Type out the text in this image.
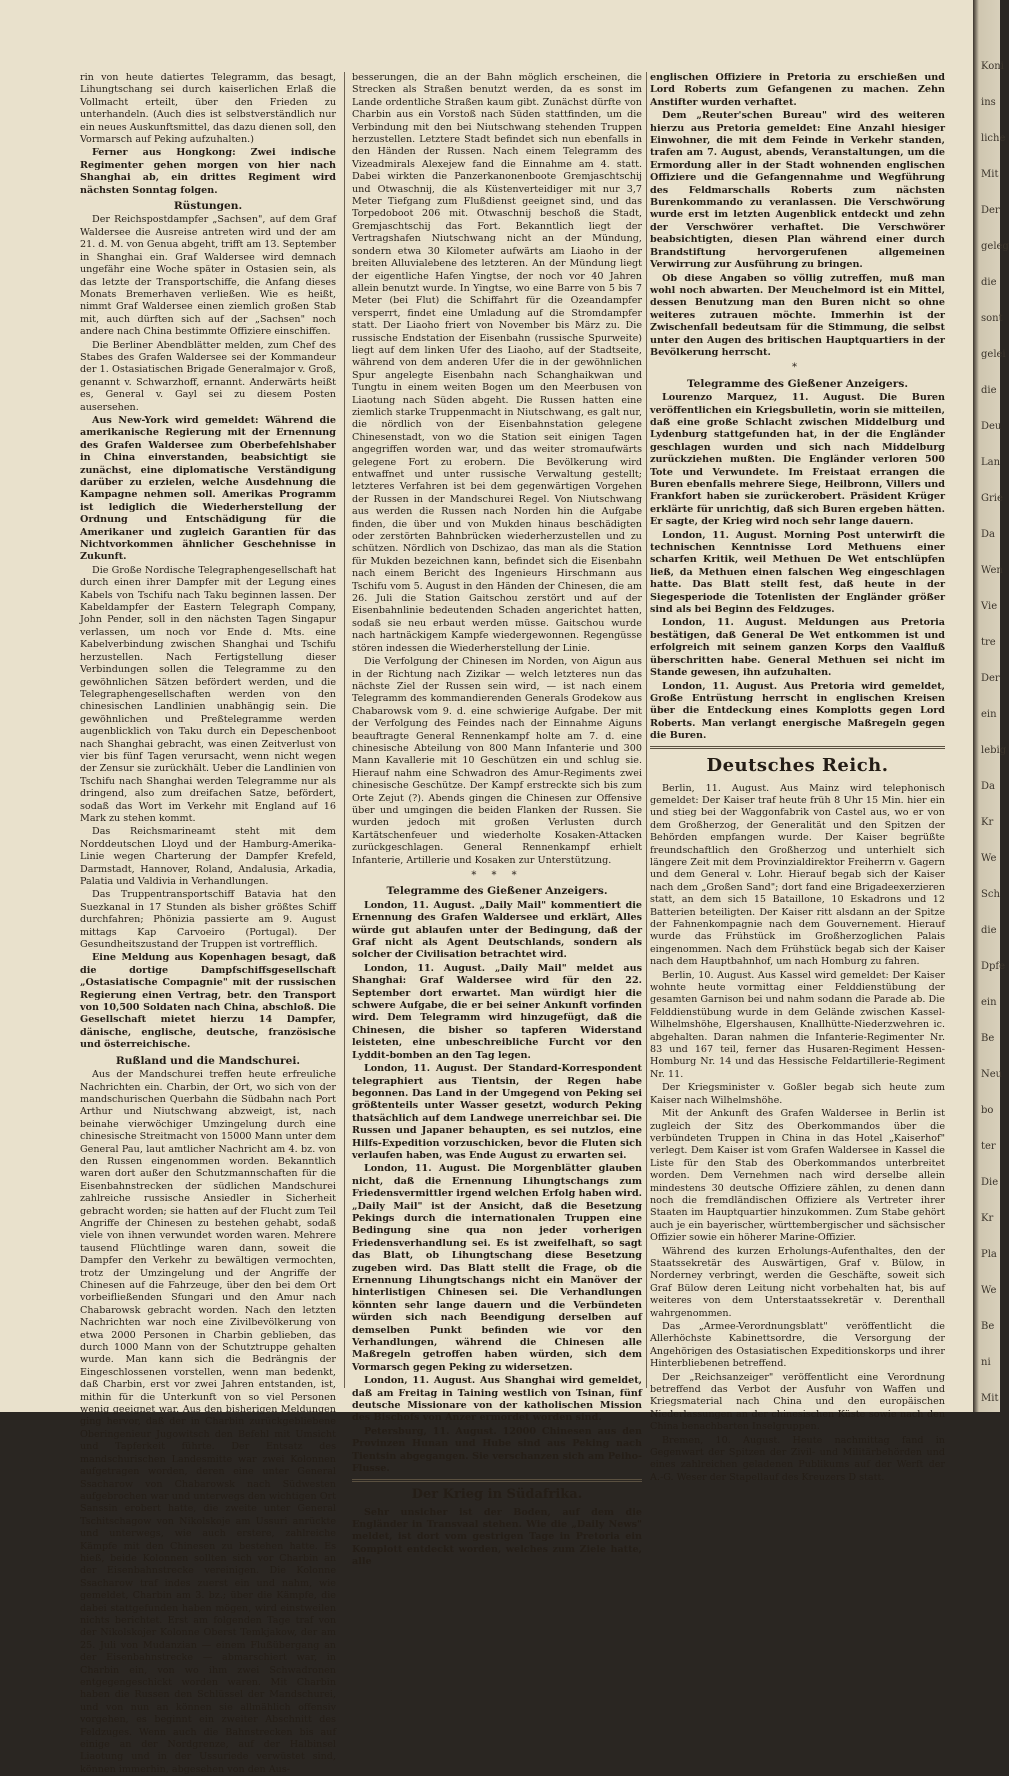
rin von heute datiertes Telegramm, das besagt, Lihungtschang sei durch kaiserlichen Erlaß die Vollmacht erteilt, über den Frieden zu unterhandeln. (Auch dies ist selbstverständlich nur ein neues Auskunftsmittel, das dazu dienen soll, den Vormarsch auf Peking aufzuhalten.)

Ferner aus Hongkong: Zwei indische Regimenter gehen morgen von hier nach Shanghai ab, ein drittes Regiment wird nächsten Sonntag folgen.

Rüstungen.

Der Reichspostdampfer „Sachsen", auf dem Graf Waldersee die Ausreise antreten wird und der am 21. d. M. von Genua abgeht, trifft am 13. September in Shanghai ein. Graf Waldersee wird demnach ungefähr eine Woche später in Ostasien sein, als das letzte der Transportschiffe, die Anfang dieses Monats Bremerhaven verließen. Wie es heißt, nimmt Graf Waldersee einen ziemlich großen Stab mit, auch dürften sich auf der „Sachsen" noch andere nach China bestimmte Offiziere einschiffen.

Die Berliner Abendblätter melden, zum Chef des Stabes des Grafen Waldersee sei der Kommandeur der 1. Ostasiatischen Brigade Generalmajor v. Groß, genannt v. Schwarzhoff, ernannt. Anderwärts heißt es, General v. Gayl sei zu diesem Posten ausersehen.

Aus New-York wird gemeldet: Während die amerikanische Regierung mit der Ernennung des Grafen Waldersee zum Oberbefehlshaber in China einverstanden, beabsichtigt sie zunächst, eine diplomatische Verständigung darüber zu erzielen, welche Ausdehnung die Kampagne nehmen soll. Amerikas Programm ist lediglich die Wiederherstellung der Ordnung und Entschädigung für die Amerikaner und zugleich Garantien für das Nichtvorkommen ähnlicher Geschehnisse in Zukunft.

Die Große Nordische Telegraphengesellschaft hat durch einen ihrer Dampfer mit der Legung eines Kabels von Tschifu nach Taku beginnen lassen. Der Kabeldampfer der Eastern Telegraph Company, John Pender, soll in den nächsten Tagen Singapur verlassen, um noch vor Ende d. Mts. eine Kabelverbindung zwischen Shanghai und Tschifu herzustellen. Nach Fertigstellung dieser Verbindungen sollen die Telegramme zu den gewöhnlichen Sätzen befördert werden, und die Telegraphengesellschaften werden von den chinesischen Landlinien unabhängig sein. Die gewöhnlichen und Preßtelegramme werden augenblicklich von Taku durch ein Depeschenboot nach Shanghai gebracht, was einen Zeitverlust von vier bis fünf Tagen verursacht, wenn nicht wegen der Zensur sie zurückhält. Ueber die Landlinien von Tschifu nach Shanghai werden Telegramme nur als dringend, also zum dreifachen Satze, befördert, sodaß das Wort im Verkehr mit England auf 16 Mark zu stehen kommt.

Das Reichsmarineamt steht mit dem Norddeutschen Lloyd und der Hamburg-Amerika-Linie wegen Charterung der Dampfer Krefeld, Darmstadt, Hannover, Roland, Andalusia, Arkadia, Palatia und Valdivia in Verhandlungen.

Das Truppentransportschiff Batavia hat den Suezkanal in 17 Stunden als bisher größtes Schiff durchfahren; Phönizia passierte am 9. August mittags Kap Carvoeiro (Portugal). Der Gesundheitszustand der Truppen ist vortrefflich.

Eine Meldung aus Kopenhagen besagt, daß die dortige Dampfschiffsgesellschaft „Ostasiatische Compagnie" mit der russischen Regierung einen Vertrag, betr. den Transport von 10,500 Soldaten nach China, abschloß. Die Gesellschaft mietet hierzu 14 Dampfer, dänische, englische, deutsche, französische und österreichische.

Rußland und die Mandschurei.

Aus der Mandschurei treffen heute erfreuliche Nachrichten ein. Charbin, der Ort, wo sich von der mandschurischen Querbahn die Südbahn nach Port Arthur und Niutschwang abzweigt, ist, nach beinahe vierwöchiger Umzingelung durch eine chinesische Streitmacht von 15000 Mann unter dem General Pau, laut amtlicher Nachricht am 4. bz. von den Russen eingenommen worden. Bekanntlich waren dort außer den Schutzmannschaften für die Eisenbahnstrecken der südlichen Mandschurei zahlreiche russische Ansiedler in Sicherheit gebracht worden; sie hatten auf der Flucht zum Teil Angriffe der Chinesen zu bestehen gehabt, sodaß viele von ihnen verwundet worden waren. Mehrere tausend Flüchtlinge waren dann, soweit die Dampfer den Verkehr zu bewältigen vermochten, trotz der Umzingelung und der Angriffe der Chinesen auf die Fahrzeuge, über den bei dem Ort vorbeifließenden Sfungari und den Amur nach Chabarowsk gebracht worden. Nach den letzten Nachrichten war noch eine Zivilbevölkerung von etwa 2000 Personen in Charbin geblieben, das durch 1000 Mann von der Schutztruppe gehalten wurde. Man kann sich die Bedrängnis der Eingeschlossenen vorstellen, wenn man bedenkt, daß Charbin, erst vor zwei Jahren entstanden, ist, mithin für die Unterkunft von so viel Personen wenig geeignet war. Aus den bisherigen Meldungen ging hervor, daß der in Charbin zurückgebliebene Oberingenieur Jugowitsch den Befehl mit Umsicht und Tapferkeit führte. Der Entsatz des mandschurischen Landesmitte war zwei Kolonnen aufgetragen worden, deren eine unter General Ssacharow von Chabarowsk nach Südwesten aufgebrochen war und unterwegs den wichtigen Ort Sanssin erobert hatte, die zweite unter General Tschitschagow von Nikolskoje am Ussuri anrückte und unterwegs, wie auch erstere, zahlreiche Kämpfe mit den Chinesen zu bestehen hatte. Es hieß, beide Kolonnen sollten sich vor Charbin an der Eisenbahnstrecke vereinigen. Die Kolonne Ssacharow traf indes zuerst ein und nahm, wie gemeldet, Charbin am 3. bz.; über die Kämpfe, die dabei stattgefunden haben mögen, wird einstweilen nichts berichtet. Erst am folgenden Tage traf von der Nikolskojer Kolonne Oberst Temkjakow, der am 25. Juli von Mudanzian — einem Flußübergang an der Eisenbahnstrecke — abmarschiert war, in Charbin ein, von wo ihm zwei Schwadronen entgegengeschickt worden waren. Mit Charbin haben die Russen den Schlüssel der Mandschurei, und von nun an können sie allmählich offensiv vorgehen, es beginnt ein zweiter Abschnitt des Feldzuges. Wenn auch die Bahnstrecken bis auf einige an der Nordgrenze, auf der Halbinsel Liaotung und in der Ussuriede verwüstet sind, können immerhin, abgesehen von den Aus-

besserungen, die an der Bahn möglich erscheinen, die Strecken als Straßen benutzt werden, da es sonst im Lande ordentliche Straßen kaum gibt. Zunächst dürfte von Charbin aus ein Vorstoß nach Süden stattfinden, um die Verbindung mit den bei Niutschwang stehenden Truppen herzustellen. Letztere Stadt befindet sich nun ebenfalls in den Händen der Russen. Nach einem Telegramm des Vizeadmirals Alexejew fand die Einnahme am 4. statt. Dabei wirkten die Panzerkanonenboote Gremjaschtschij und Otwaschnij, die als Küstenverteidiger mit nur 3,7 Meter Tiefgang zum Flußdienst geeignet sind, und das Torpedoboot 206 mit. Otwaschnij beschoß die Stadt, Gremjaschtschij das Fort. Bekanntlich liegt der Vertragshafen Niutschwang nicht an der Mündung, sondern etwa 30 Kilometer aufwärts am Liaoho in der breiten Alluvialebene des letzteren. An der Mündung liegt der eigentliche Hafen Yingtse, der noch vor 40 Jahren allein benutzt wurde. In Yingtse, wo eine Barre von 5 bis 7 Meter (bei Flut) die Schiffahrt für die Ozeandampfer versperrt, findet eine Umladung auf die Stromdampfer statt. Der Liaoho friert von November bis März zu. Die russische Endstation der Eisenbahn (russische Spurweite) liegt auf dem linken Ufer des Liaoho, auf der Stadtseite, während von dem anderen Ufer die in der gewöhnlichen Spur angelegte Eisenbahn nach Schanghaikwan und Tungtu in einem weiten Bogen um den Meerbusen von Liaotung nach Süden abgeht. Die Russen hatten eine ziemlich starke Truppenmacht in Niutschwang, es galt nur, die nördlich von der Eisenbahnstation gelegene Chinesenstadt, von wo die Station seit einigen Tagen angegriffen worden war, und das weiter stromaufwärts gelegene Fort zu erobern. Die Bevölkerung wird entwaffnet und unter russische Verwaltung gestellt; letzteres Verfahren ist bei dem gegenwärtigen Vorgehen der Russen in der Mandschurei Regel. Von Niutschwang aus werden die Russen nach Norden hin die Aufgabe finden, die über und von Mukden hinaus beschädigten oder zerstörten Bahnbrücken wiederherzustellen und zu schützen. Nördlich von Dschizao, das man als die Station für Mukden bezeichnen kann, befindet sich die Eisenbahn nach einem Bericht des Ingenieurs Hirschmann aus Tschifu vom 5. August in den Händen der Chinesen, die am 26. Juli die Station Gaitschou zerstört und auf der Eisenbahnlinie bedeutenden Schaden angerichtet hatten, sodaß sie neu erbaut werden müsse. Gaitschou wurde nach hartnäckigem Kampfe wiedergewonnen. Regengüsse stören indessen die Wiederherstellung der Linie.

Die Verfolgung der Chinesen im Norden, von Aigun aus in der Richtung nach Zizikar — welch letzteres nun das nächste Ziel der Russen sein wird, — ist nach einem Telegramm des kommandierenden Generals Grodekow aus Chabarowsk vom 9. d. eine schwierige Aufgabe. Der mit der Verfolgung des Feindes nach der Einnahme Aiguns beauftragte General Rennenkampf holte am 7. d. eine chinesische Abteilung von 800 Mann Infanterie und 300 Mann Kavallerie mit 10 Geschützen ein und schlug sie. Hierauf nahm eine Schwadron des Amur-Regiments zwei chinesische Geschütze. Der Kampf erstreckte sich bis zum Orte Zejut (?). Abends gingen die Chinesen zur Offensive über und umgingen die beiden Flanken der Russen. Sie wurden jedoch mit großen Verlusten durch Kartätschenfeuer und wiederholte Kosaken-Attacken zurückgeschlagen. General Rennenkampf erhielt Infanterie, Artillerie und Kosaken zur Unterstützung.

* * *
Telegramme des Gießener Anzeigers.

London, 11. August. „Daily Mail" kommentiert die Ernennung des Grafen Waldersee und erklärt, Alles würde gut ablaufen unter der Bedingung, daß der Graf nicht als Agent Deutschlands, sondern als solcher der Civilisation betrachtet wird.

London, 11. August. „Daily Mail" meldet aus Shanghai: Graf Waldersee wird für den 22. September dort erwartet. Man würdigt hier die schwere Aufgabe, die er bei seiner Ankunft vorfinden wird. Dem Telegramm wird hinzugefügt, daß die Chinesen, die bisher so tapferen Widerstand leisteten, eine unbeschreibliche Furcht vor den Lyddit-bomben an den Tag legen.

London, 11. August. Der Standard-Korrespondent telegraphiert aus Tientsin, der Regen habe begonnen. Das Land in der Umgegend von Peking sei größtenteils unter Wasser gesetzt, wodurch Peking thatsächlich auf dem Landwege unerreichbar sei. Die Russen und Japaner behaupten, es sei nutzlos, eine Hilfs-Expedition vorzuschicken, bevor die Fluten sich verlaufen haben, was Ende August zu erwarten sei.

London, 11. August. Die Morgenblätter glauben nicht, daß die Ernennung Lihungtschangs zum Friedensvermittler irgend welchen Erfolg haben wird. „Daily Mail" ist der Ansicht, daß die Besetzung Pekings durch die internationalen Truppen eine Bedingung sine qua non jeder vorherigen Friedensverhandlung sei. Es ist zweifelhaft, so sagt das Blatt, ob Lihungtschang diese Besetzung zugeben wird. Das Blatt stellt die Frage, ob die Ernennung Lihungtschangs nicht ein Manöver der hinterlistigen Chinesen sei. Die Verhandlungen könnten sehr lange dauern und die Verbündeten würden sich nach Beendigung derselben auf demselben Punkt befinden wie vor den Verhandlungen, während die Chinesen alle Maßregeln getroffen haben würden, sich dem Vormarsch gegen Peking zu widersetzen.

London, 11. August. Aus Shanghai wird gemeldet, daß am Freitag in Taining westlich von Tsinan, fünf deutsche Missionare von der katholischen Mission des Bischofs von Anzer ermordet worden sind.

Petersburg, 11. August. 12000 Chinesen aus den Provinzen Hunan und Hube sind aus Peking nach Tientsin abgegangen. Sie verschanzen sich am Peiho-Flusse.

Der Krieg in Südafrika.

Sehr unsicher ist der Boden, auf dem die Engländer in Transvaal stehen. Wie die „Daily News" meldet, ist dort vom gestrigen Tage in Pretoria ein Komplott entdeckt worden, welches zum Ziele hatte, alle

englischen Offiziere in Pretoria zu erschießen und Lord Roberts zum Gefangenen zu machen. Zehn Anstifter wurden verhaftet.

Dem „Reuter'schen Bureau" wird des weiteren hierzu aus Pretoria gemeldet: Eine Anzahl hiesiger Einwohner, die mit dem Feinde in Verkehr standen, trafen am 7. August, abends, Veranstaltungen, um die Ermordung aller in der Stadt wohnenden englischen Offiziere und die Gefangennahme und Wegführung des Feldmarschalls Roberts zum nächsten Burenkommando zu veranlassen. Die Verschwörung wurde erst im letzten Augenblick entdeckt und zehn der Verschwörer verhaftet. Die Verschwörer beabsichtigten, diesen Plan während einer durch Brandstiftung hervorgerufenen allgemeinen Verwirrung zur Ausführung zu bringen.

Ob diese Angaben so völlig zutreffen, muß man wohl noch abwarten. Der Meuchelmord ist ein Mittel, dessen Benutzung man den Buren nicht so ohne weiteres zutrauen möchte. Immerhin ist der Zwischenfall bedeutsam für die Stimmung, die selbst unter den Augen des britischen Hauptquartiers in der Bevölkerung herrscht.

*
Telegramme des Gießener Anzeigers.

Lourenzo Marquez, 11. August. Die Buren veröffentlichen ein Kriegsbulletin, worin sie mitteilen, daß eine große Schlacht zwischen Middelburg und Lydenburg stattgefunden hat, in der die Engländer geschlagen wurden und sich nach Middelburg zurückziehen mußten. Die Engländer verloren 500 Tote und Verwundete. Im Freistaat errangen die Buren ebenfalls mehrere Siege, Heilbronn, Villers und Frankfort haben sie zurückerobert. Präsident Krüger erklärte für unrichtig, daß sich Buren ergeben hätten. Er sagte, der Krieg wird noch sehr lange dauern.

London, 11. August. Morning Post unterwirft die technischen Kenntnisse Lord Methuens einer scharfen Kritik, weil Methuen De Wet entschlüpfen ließ, da Methuen einen falschen Weg eingeschlagen hatte. Das Blatt stellt fest, daß heute in der Siegesperiode die Totenlisten der Engländer größer sind als bei Beginn des Feldzuges.

London, 11. August. Meldungen aus Pretoria bestätigen, daß General De Wet entkommen ist und erfolgreich mit seinem ganzen Korps den Vaalfluß überschritten habe. General Methuen sei nicht im Stande gewesen, ihn aufzuhalten.

London, 11. August. Aus Pretoria wird gemeldet, Große Entrüstung herrscht in englischen Kreisen über die Entdeckung eines Komplotts gegen Lord Roberts. Man verlangt energische Maßregeln gegen die Buren.

Deutsches Reich.

Berlin, 11. August. Aus Mainz wird telephonisch gemeldet: Der Kaiser traf heute früh 8 Uhr 15 Min. hier ein und stieg bei der Waggonfabrik von Castel aus, wo er von dem Großherzog, der Generalität und den Spitzen der Behörden empfangen wurde. Der Kaiser begrüßte freundschaftlich den Großherzog und unterhielt sich längere Zeit mit dem Provinzialdirektor Freiherrn v. Gagern und dem General v. Lohr. Hierauf begab sich der Kaiser nach dem „Großen Sand"; dort fand eine Brigadeexerzieren statt, an dem sich 15 Bataillone, 10 Eskadrons und 12 Batterien beteiligten. Der Kaiser ritt alsdann an der Spitze der Fahnenkompagnie nach dem Gouvernement. Hierauf wurde das Frühstück im Großherzoglichen Palais eingenommen. Nach dem Frühstück begab sich der Kaiser nach dem Hauptbahnhof, um nach Homburg zu fahren.

Berlin, 10. August. Aus Kassel wird gemeldet: Der Kaiser wohnte heute vormittag einer Felddienstübung der gesamten Garnison bei und nahm sodann die Parade ab. Die Felddienstübung wurde in dem Gelände zwischen Kassel-Wilhelmshöhe, Elgershausen, Knallhütte-Niederzwehren ic. abgehalten. Daran nahmen die Infanterie-Regimenter Nr. 83 und 167 teil, ferner das Husaren-Regiment Hessen-Homburg Nr. 14 und das Hessische Feldartillerie-Regiment Nr. 11.

Der Kriegsminister v. Goßler begab sich heute zum Kaiser nach Wilhelmshöhe.

Mit der Ankunft des Grafen Waldersee in Berlin ist zugleich der Sitz des Oberkommandos über die verbündeten Truppen in China in das Hotel „Kaiserhof" verlegt. Dem Kaiser ist vom Grafen Waldersee in Kassel die Liste für den Stab des Oberkommandos unterbreitet worden. Dem Vernehmen nach wird derselbe allein mindestens 30 deutsche Offiziere zählen, zu denen dann noch die fremdländischen Offiziere als Vertreter ihrer Staaten im Hauptquartier hinzukommen. Zum Stabe gehört auch je ein bayerischer, württembergischer und sächsischer Offizier sowie ein höherer Marine-Offizier.

Während des kurzen Erholungs-Aufenthaltes, den der Staatssekretär des Auswärtigen, Graf v. Bülow, in Norderney verbringt, werden die Geschäfte, soweit sich Graf Bülow deren Leitung nicht vorbehalten hat, bis auf weiteres von dem Unterstaatssekretär v. Derenthall wahrgenommen.

Das „Armee-Verordnungsblatt" veröffentlicht die Allerhöchste Kabinettsordre, die Versorgung der Angehörigen des Ostasiatischen Expeditionskorps und ihrer Hinterbliebenen betreffend.

Der „Reichsanzeiger" veröffentlicht eine Verordnung betreffend das Verbot der Ausfuhr von Waffen und Kriegsmaterial nach China und den europäischen Niederlassungen an der chinesischen Küste sowie nach den China benachbarten Inselgruppen.

Bremen, 10. August. Heute nachmittag fand in Gegenwart der Spitzen der Zivil- und Militärbehörden und eines zahlreichen geladenen Publikums auf der Werft der A.-G. Weser der Stapellauf des Kreuzers D statt.

Koni
ins
liche
Mit
Der
geleg
die
sont
gelei
die
Deu
Lan
Grie
Da
Wen
Vie
tre
Der
ein
lebig
Da
Kr
We
Sch
die
Dpfe
ein
Be
Neu
bo
ter
Die
Kr
Pla
We
Be
ni
Mit
